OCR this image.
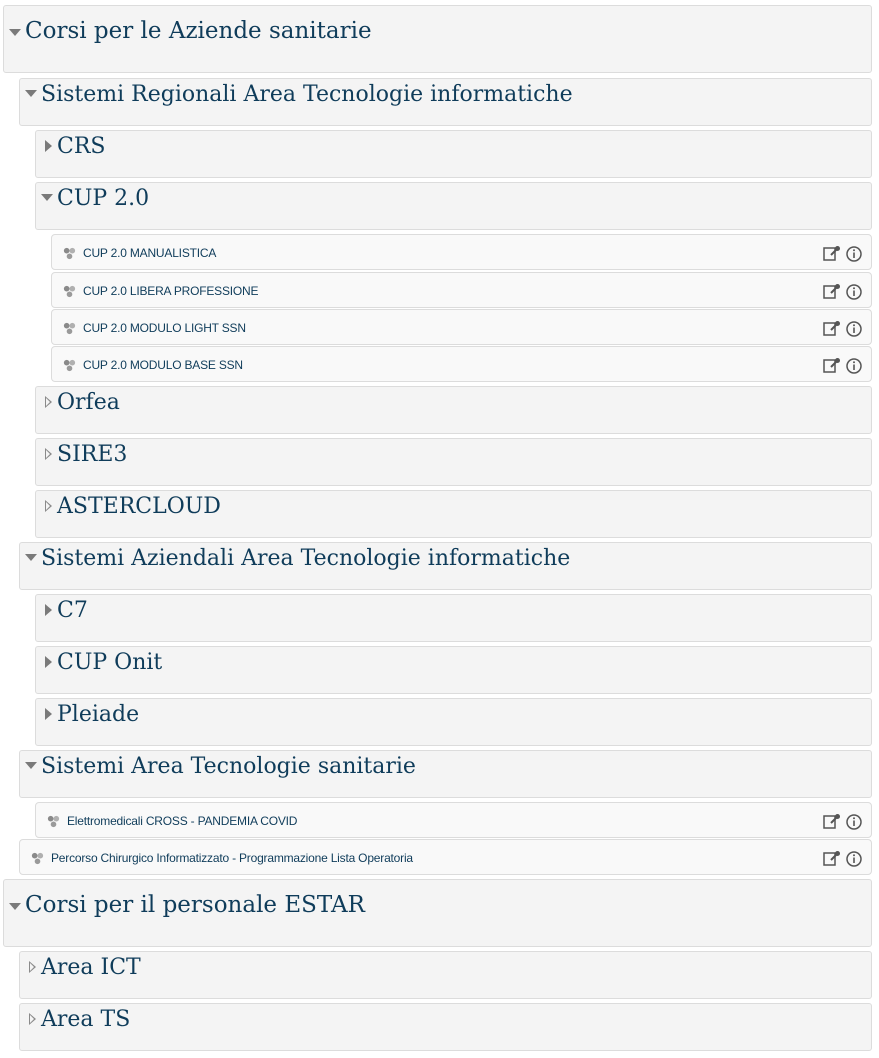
Corsi per le Aziende sanitarie
Sistemi Regionali Area Tecnologie informatiche
CRS
CUP 2.0
CUP 2.0 MANUALISTICA
CUP 2.0 LIBERA PROFESSIONE
CUP 2.0 MODULO LIGHT SSN
CUP 2.0 MODULO BASE SSN
Orfea
SIRE3
ASTERCLOUD
Sistemi Aziendali Area Tecnologie informatiche
C7
CUP Onit
Pleiade
Sistemi Area Tecnologie sanitarie
Elettromedicali CROSS - PANDEMIA COVID
Percorso Chirurgico Informatizzato - Programmazione Lista Operatoria
Corsi per il personale ESTAR
Area ICT
Area TS
